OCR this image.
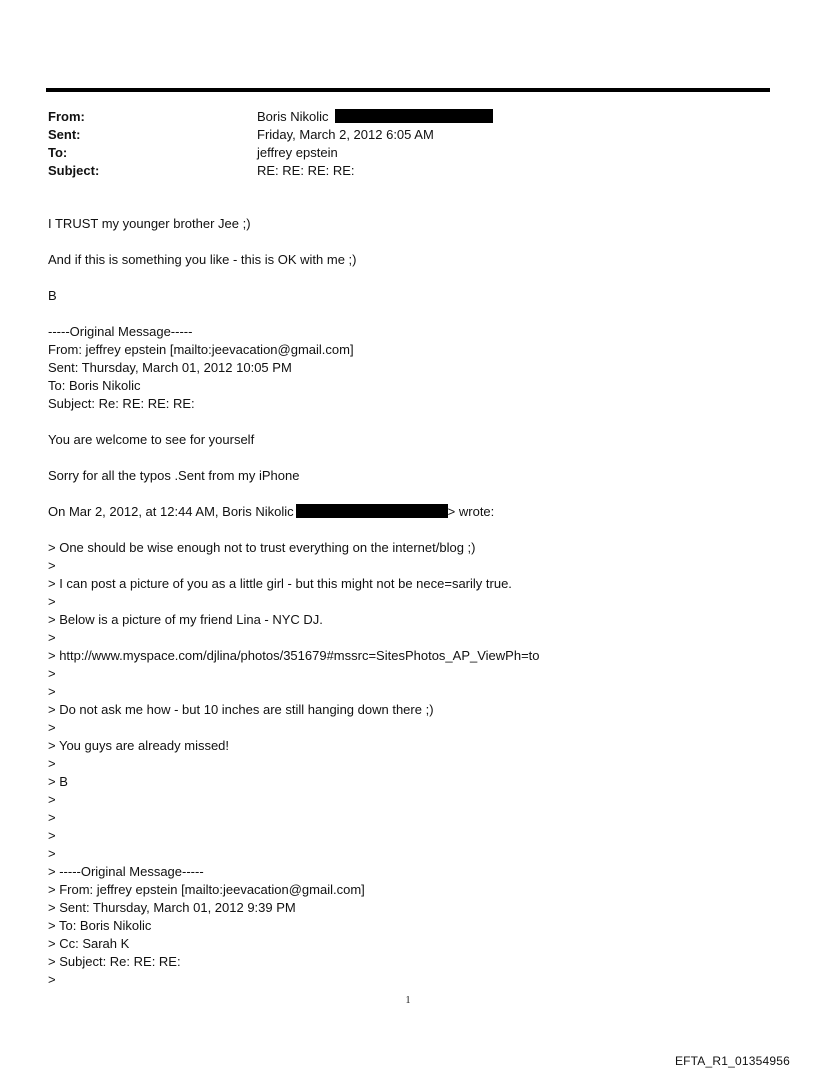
From:	Boris Nikolic
Sent:	Friday, March 2, 2012 6:05 AM
To:	jeffrey epstein
Subject:	RE: RE: RE: RE:
I TRUST my younger brother Jee ;)
And if this is something you like - this is OK with me ;)
B
-----Original Message-----
From: jeffrey epstein [mailto:jeevacation@gmail.com]
Sent: Thursday, March 01, 2012 10:05 PM
To: Boris Nikolic
Subject: Re: RE: RE: RE:
You are welcome to see for yourself
Sorry for all the typos .Sent from my iPhone
On Mar 2, 2012, at 12:44 AM, Boris Nikolic	> wrote:
> One should be wise enough not to trust everything on the internet/blog ;)
>
> I can post a picture of you as a little girl - but this might not be nece=sarily true.
>
> Below is a picture of my friend Lina - NYC DJ.
>
> http://www.myspace.com/djlina/photos/351679#mssrc=SitesPhotos_AP_ViewPh=to
>
>
> Do not ask me how - but 10 inches are still hanging down there ;)
>
> You guys are already missed!
>
> B
>
>
>
>
> -----Original Message-----
> From: jeffrey epstein [mailto:jeevacation@gmail.com]
> Sent: Thursday, March 01, 2012 9:39 PM
> To: Boris Nikolic
> Cc: Sarah K
> Subject: Re: RE: RE:
>
1
EFTA_R1_01354956
